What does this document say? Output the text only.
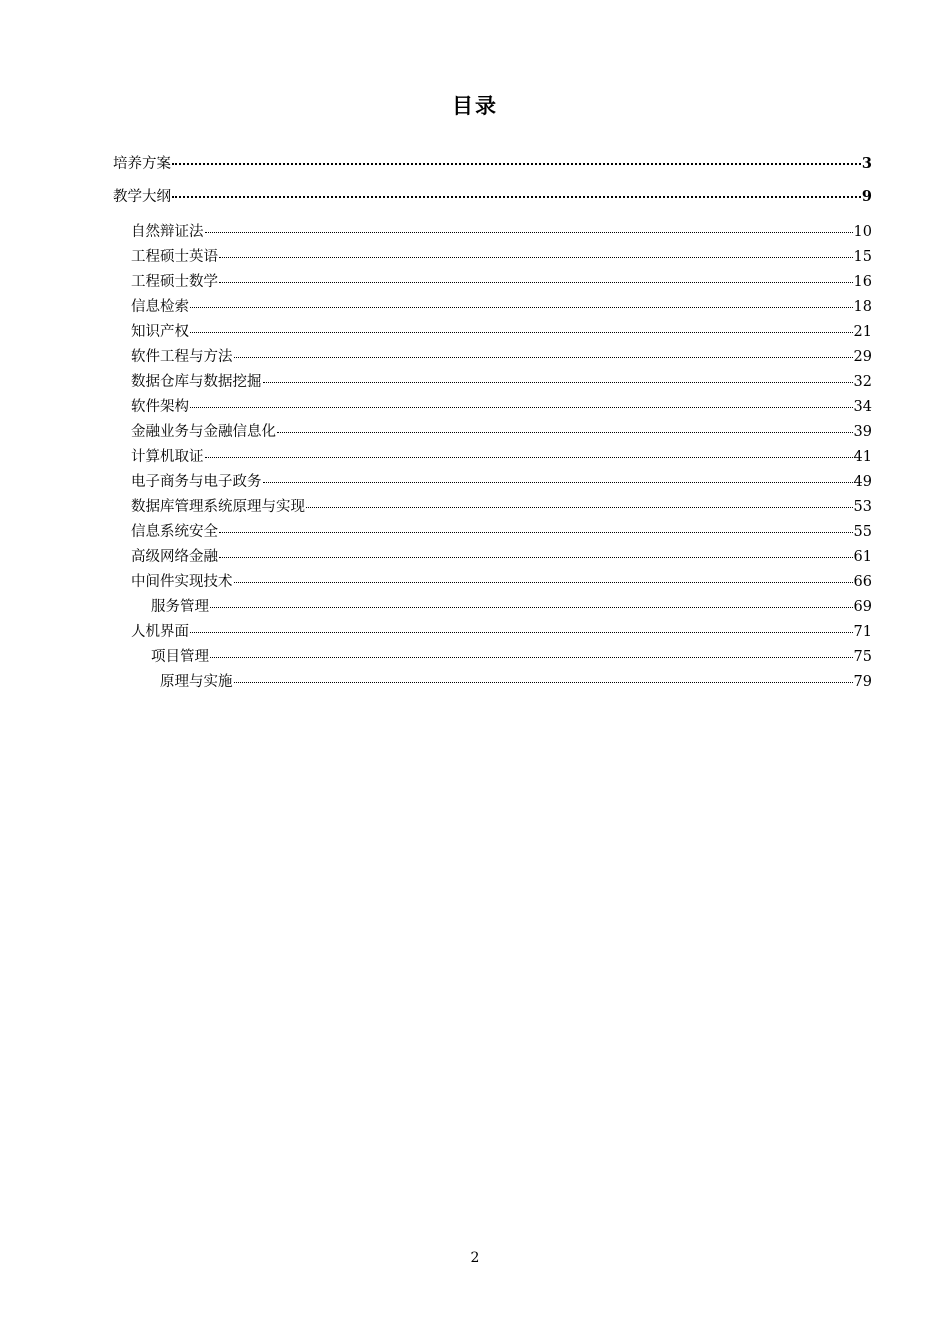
目录
培养方案	3
教学大纲	9
自然辩证法	10
工程硕士英语	15
工程硕士数学	16
信息检索	18
知识产权	21
软件工程与方法	29
数据仓库与数据挖掘	32
软件架构	34
金融业务与金融信息化	39
计算机取证	41
电子商务与电子政务	49
数据库管理系统原理与实现	53
信息系统安全	55
高级网络金融	61
中间件实现技术	66
服务管理	69
人机界面	71
项目管理	75
原理与实施	79
2
